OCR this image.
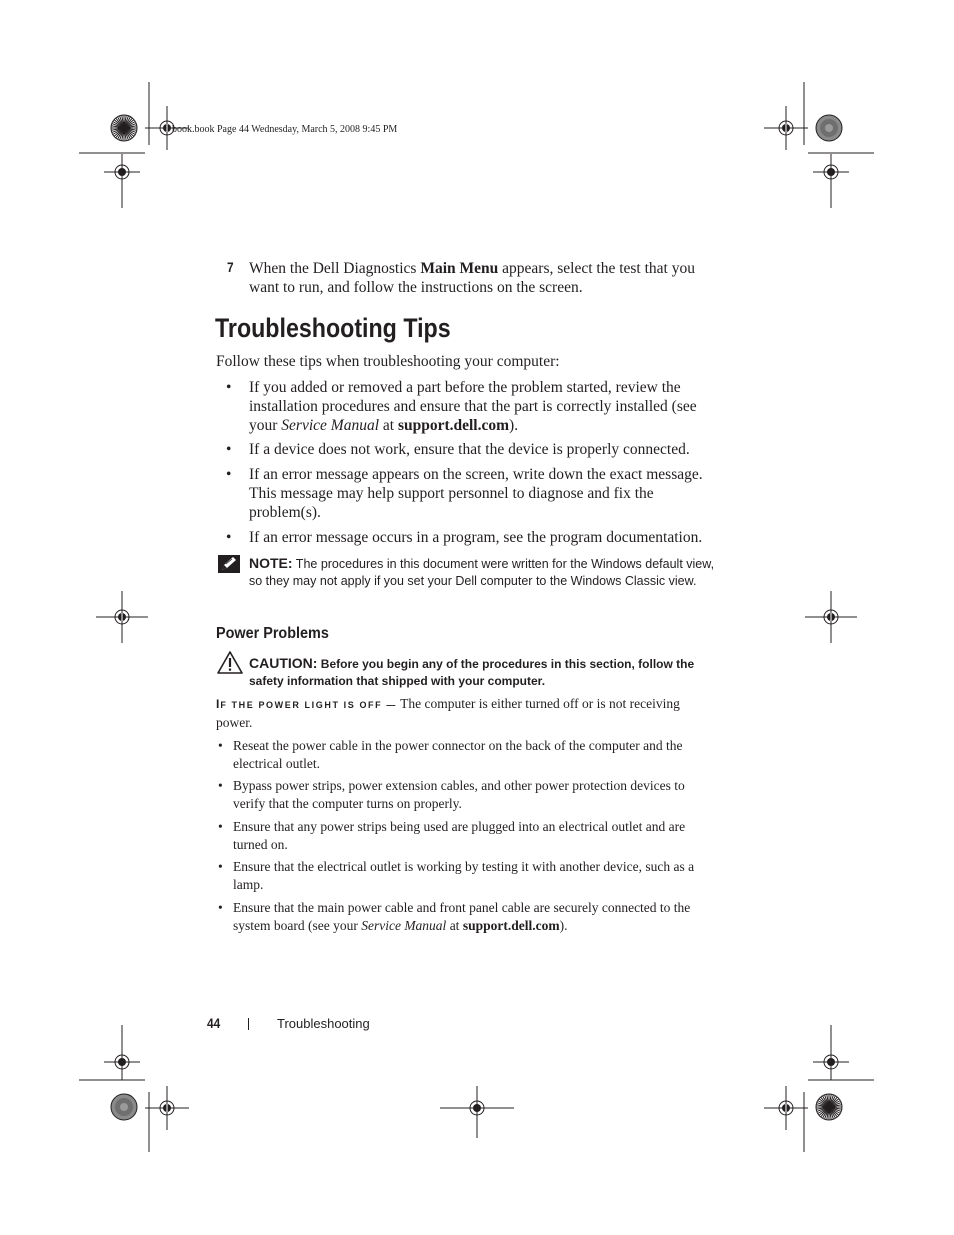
book.book Page 44 Wednesday, March 5, 2008 9:45 PM
7 When the Dell Diagnostics Main Menu appears, select the test that you want to run, and follow the instructions on the screen.
Troubleshooting Tips
Follow these tips when troubleshooting your computer:
• If you added or removed a part before the problem started, review the installation procedures and ensure that the part is correctly installed (see your Service Manual at support.dell.com).
• If a device does not work, ensure that the device is properly connected.
• If an error message appears on the screen, write down the exact message. This message may help support personnel to diagnose and fix the problem(s).
• If an error message occurs in a program, see the program documentation.
NOTE: The procedures in this document were written for the Windows default view, so they may not apply if you set your Dell computer to the Windows Classic view.
Power Problems
CAUTION: Before you begin any of the procedures in this section, follow the safety information that shipped with your computer.
IF THE POWER LIGHT IS OFF — The computer is either turned off or is not receiving power.
• Reseat the power cable in the power connector on the back of the computer and the electrical outlet.
• Bypass power strips, power extension cables, and other power protection devices to verify that the computer turns on properly.
• Ensure that any power strips being used are plugged into an electrical outlet and are turned on.
• Ensure that the electrical outlet is working by testing it with another device, such as a lamp.
• Ensure that the main power cable and front panel cable are securely connected to the system board (see your Service Manual at support.dell.com).
44	Troubleshooting
